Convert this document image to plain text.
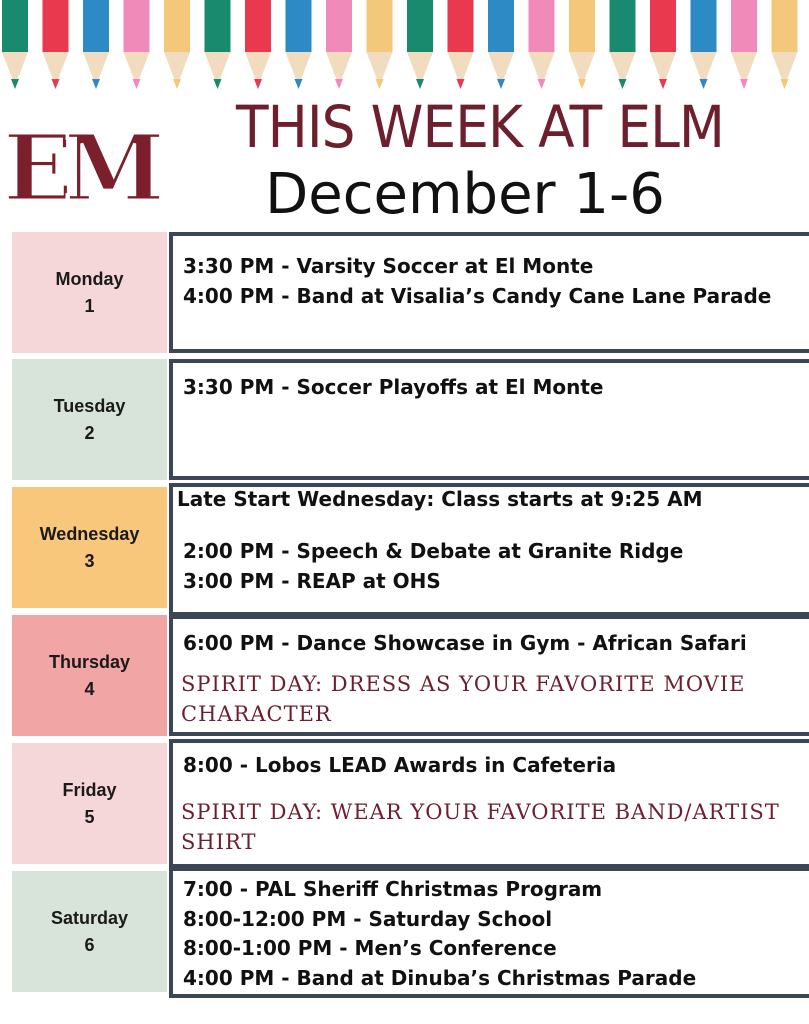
EM	THIS WEEK AT ELM
December 1-6
Monday
1
3:30 PM - Varsity Soccer at El Monte
4:00 PM - Band at Visalia’s Candy Cane Lane Parade
Tuesday
2
3:30 PM - Soccer Playoffs at El Monte
Wednesday
3
Late Start Wednesday: Class starts at 9:25 AM
2:00 PM - Speech & Debate at Granite Ridge
3:00 PM - REAP at OHS
Thursday
4
6:00 PM - Dance Showcase in Gym - African Safari
SPIRIT DAY: DRESS AS YOUR FAVORITE MOVIE CHARACTER
Friday
5
8:00 - Lobos LEAD Awards in Cafeteria
SPIRIT DAY: WEAR YOUR FAVORITE BAND/ARTIST SHIRT
Saturday
6
7:00 - PAL Sheriff Christmas Program
8:00-12:00 PM - Saturday School
8:00-1:00 PM - Men’s Conference
4:00 PM - Band at Dinuba’s Christmas Parade
